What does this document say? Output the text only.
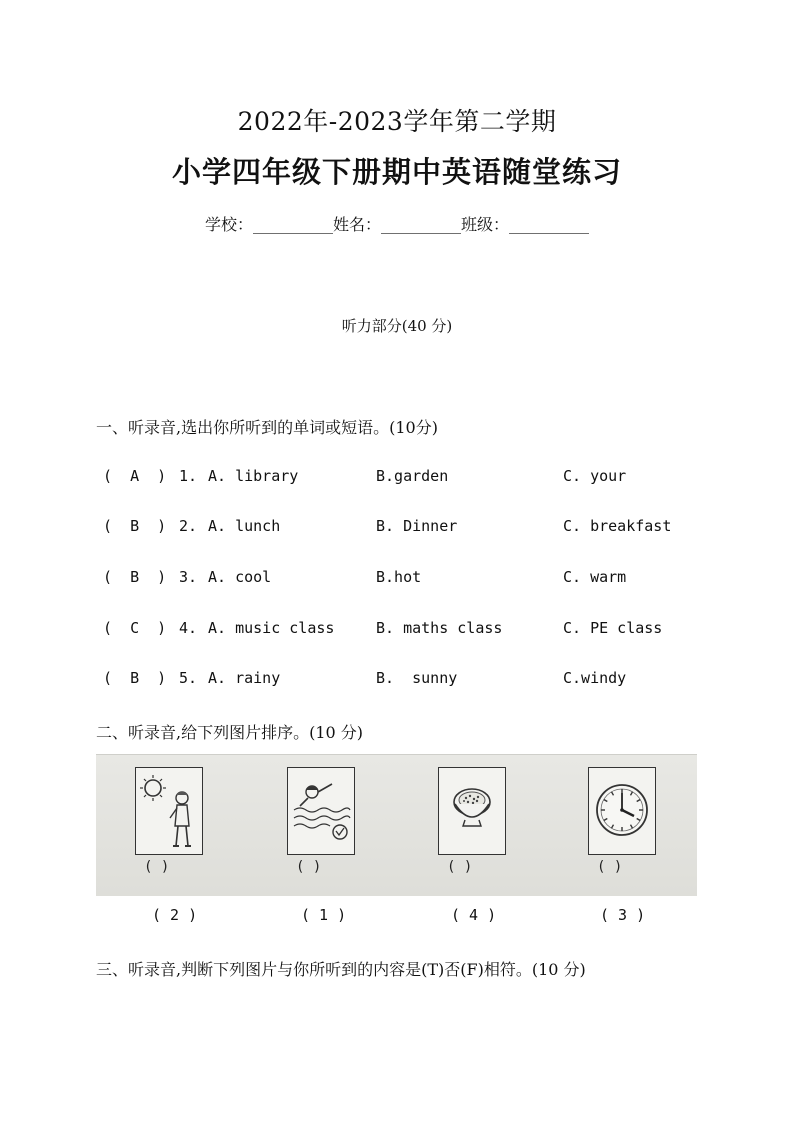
2022年-2023学年第二学期
小学四年级下册期中英语随堂练习
学校：__________姓名：__________班级：__________
听力部分(40 分)
一、听录音,选出你所听到的单词或短语。(10分)
(  A  ) 1. A. library	B.garden	C. your
(  B  ) 2. A. lunch	B. Dinner	C. breakfast
(  B  ) 3. A. cool	B.hot	C. warm
(  C  ) 4. A. music class	B. maths class	C. PE class
(  B  ) 5. A. rainy	B.  sunny	C.windy
二、听录音,给下列图片排序。(10 分)
( )	( )	( )	( )
( 2 )	( 1 )	( 4 )	( 3 )
三、听录音,判断下列图片与你所听到的内容是(T)否(F)相符。(10 分)
